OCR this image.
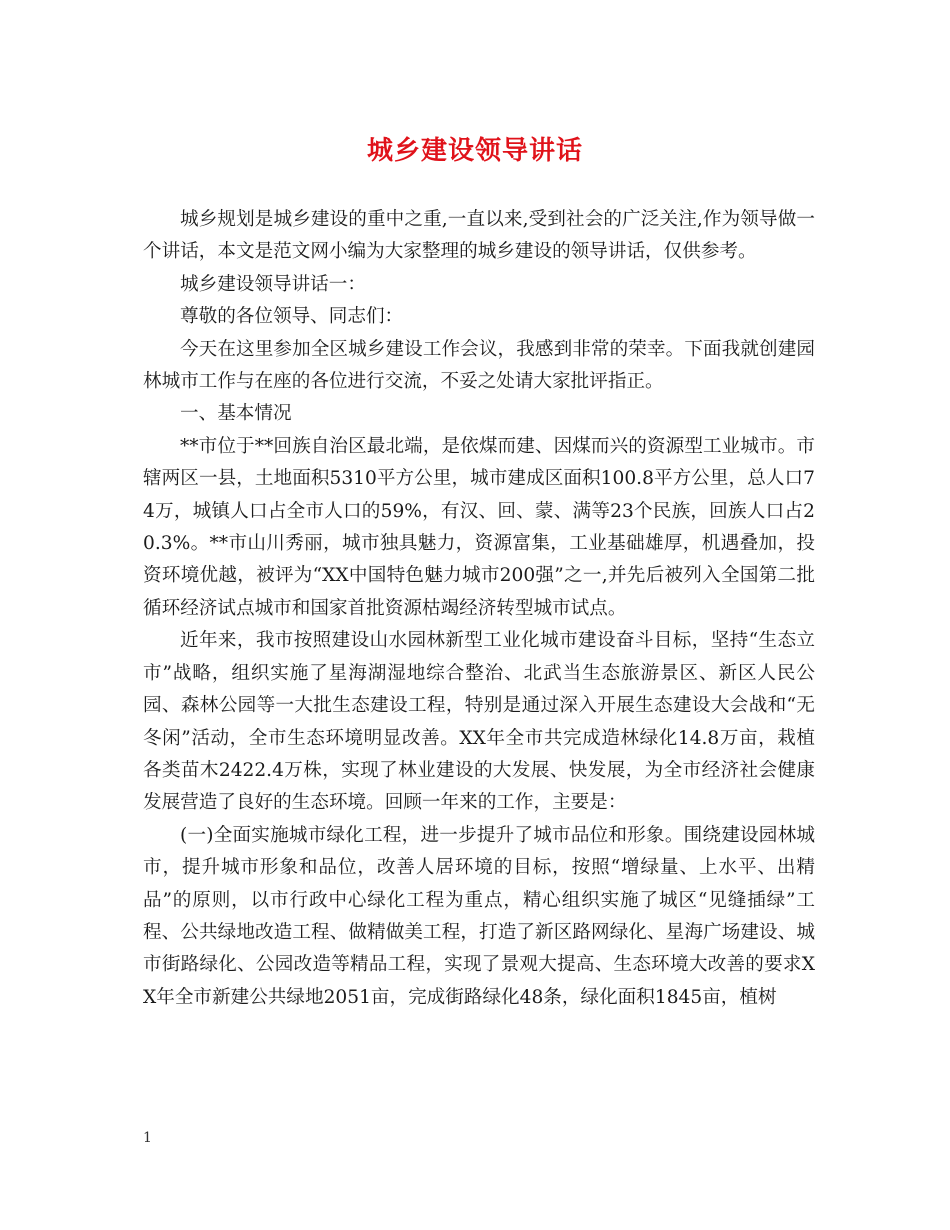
城乡建设领导讲话

城乡规划是城乡建设的重中之重,一直以来,受到社会的广泛关注,作为领导做一个讲话，本文是范文网小编为大家整理的城乡建设的领导讲话，仅供参考。

城乡建设领导讲话一：

尊敬的各位领导、同志们：

今天在这里参加全区城乡建设工作会议，我感到非常的荣幸。下面我就创建园林城市工作与在座的各位进行交流，不妥之处请大家批评指正。

一、基本情况

**市位于**回族自治区最北端，是依煤而建、因煤而兴的资源型工业城市。市辖两区一县，土地面积5310平方公里，城市建成区面积100.8平方公里，总人口74万，城镇人口占全市人口的59%，有汉、回、蒙、满等23个民族，回族人口占20.3%。**市山川秀丽，城市独具魅力，资源富集，工业基础雄厚，机遇叠加，投资环境优越，被评为“XX中国特色魅力城市200强”之一,并先后被列入全国第二批循环经济试点城市和国家首批资源枯竭经济转型城市试点。

近年来，我市按照建设山水园林新型工业化城市建设奋斗目标，坚持“生态立市”战略，组织实施了星海湖湿地综合整治、北武当生态旅游景区、新区人民公园、森林公园等一大批生态建设工程，特别是通过深入开展生态建设大会战和“无冬闲”活动，全市生态环境明显改善。XX年全市共完成造林绿化14.8万亩，栽植各类苗木2422.4万株，实现了林业建设的大发展、快发展，为全市经济社会健康发展营造了良好的生态环境。回顾一年来的工作，主要是：

(一)全面实施城市绿化工程，进一步提升了城市品位和形象。围绕建设园林城市，提升城市形象和品位，改善人居环境的目标，按照“增绿量、上水平、出精品”的原则，以市行政中心绿化工程为重点，精心组织实施了城区“见缝插绿”工程、公共绿地改造工程、做精做美工程，打造了新区路网绿化、星海广场建设、城市街路绿化、公园改造等精品工程，实现了景观大提高、生态环境大改善的要求XX年全市新建公共绿地2051亩，完成街路绿化48条，绿化面积1845亩，植树

1
